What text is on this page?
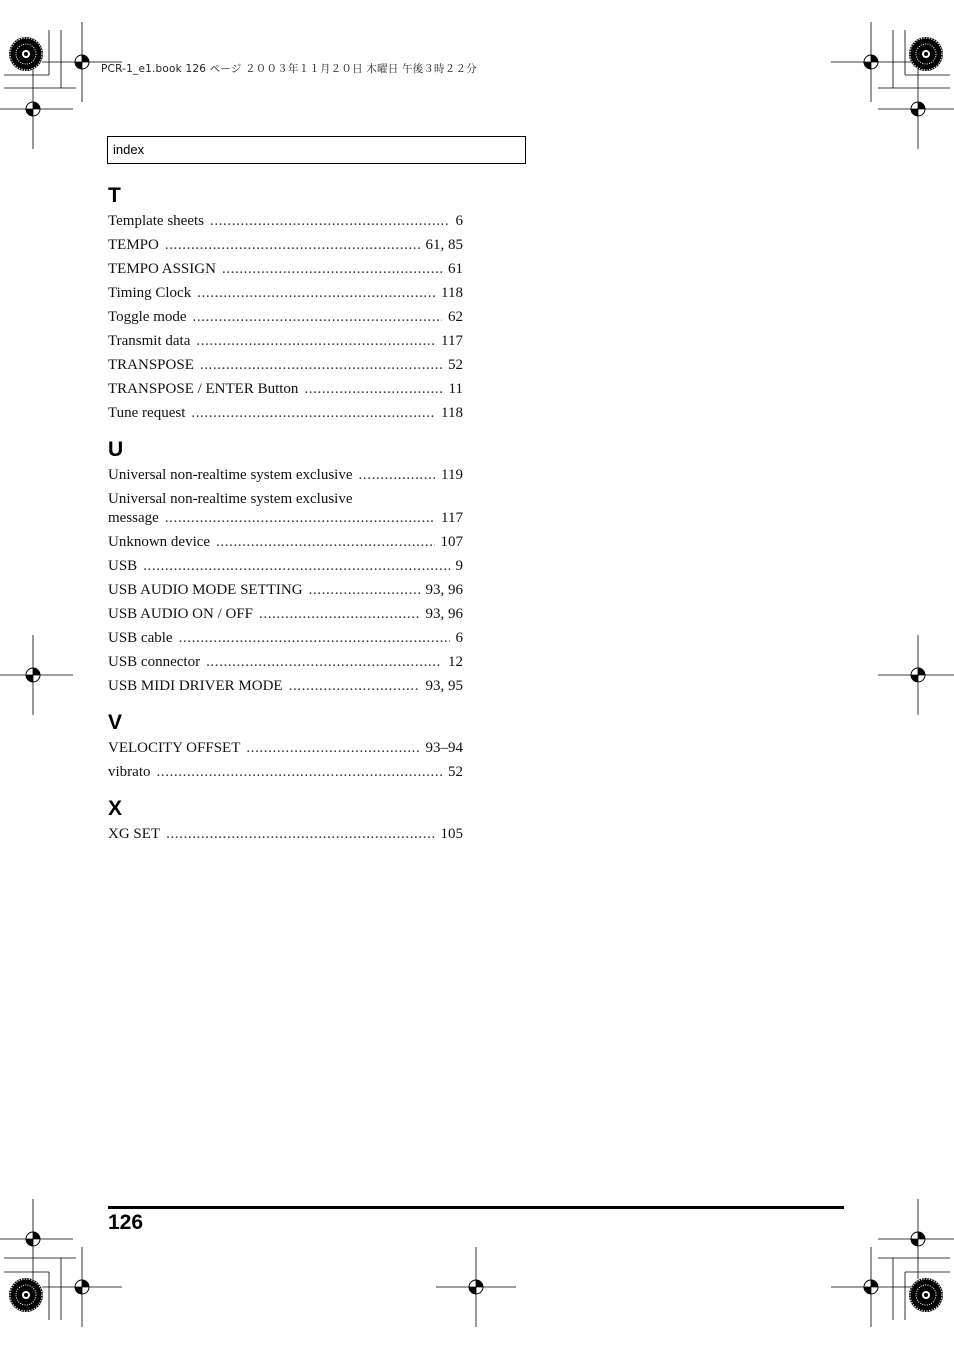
PCR-1_e1.book 126 ページ ２００３年１１月２０日 木曜日 午後３時２２分
index
T
Template sheets .....	6
TEMPO .....	61, 85
TEMPO ASSIGN .....	61
Timing Clock .....	118
Toggle mode .....	62
Transmit data .....	117
TRANSPOSE .....	52
TRANSPOSE / ENTER Button .....	11
Tune request .....	118
U
Universal non-realtime system exclusive .....	119
Universal non-realtime system exclusive
message .....	117
Unknown device .....	107
USB .....	9
USB AUDIO MODE SETTING .....	93, 96
USB AUDIO ON / OFF .....	93, 96
USB cable .....	6
USB connector .....	12
USB MIDI DRIVER MODE .....	93, 95
V
VELOCITY OFFSET .....	93–94
vibrato .....	52
X
XG SET .....	105
126
